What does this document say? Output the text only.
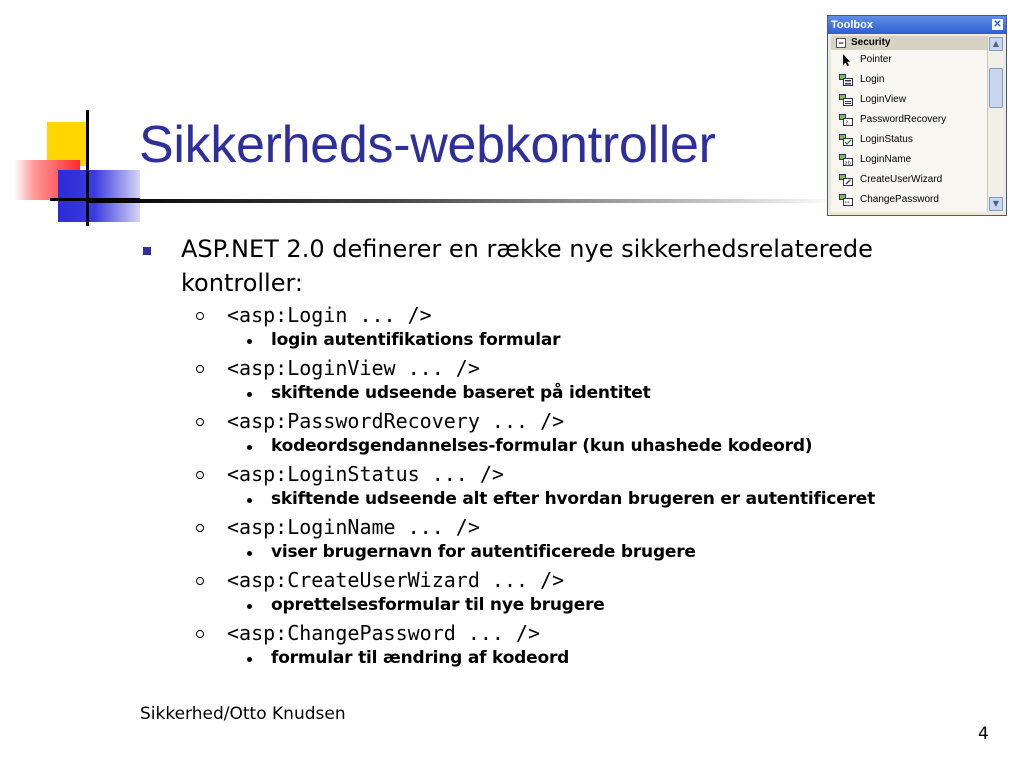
Sikkerheds-webkontroller
ASP.NET 2.0 definerer en række nye sikkerhedsrelaterede kontroller:
<asp:Login ... />
login autentifikations formular
<asp:LoginView ... />
skiftende udseende baseret på identitet
<asp:PasswordRecovery ... />
kodeordsgendannelses-formular (kun uhashede kodeord)
<asp:LoginStatus ... />
skiftende udseende alt efter hvordan brugeren er autentificeret
<asp:LoginName ... />
viser brugernavn for autentificerede brugere
<asp:CreateUserWizard ... />
oprettelsesformular til nye brugere
<asp:ChangePassword ... />
formular til ændring af kodeord
Sikkerhed/Otto Knudsen
4
Toolbox	✕
− Security
Pointer
Login
LoginView
? PasswordRecovery
LoginStatus
ab LoginName
CreateUserWizard
** ChangePassword
▲
▼
